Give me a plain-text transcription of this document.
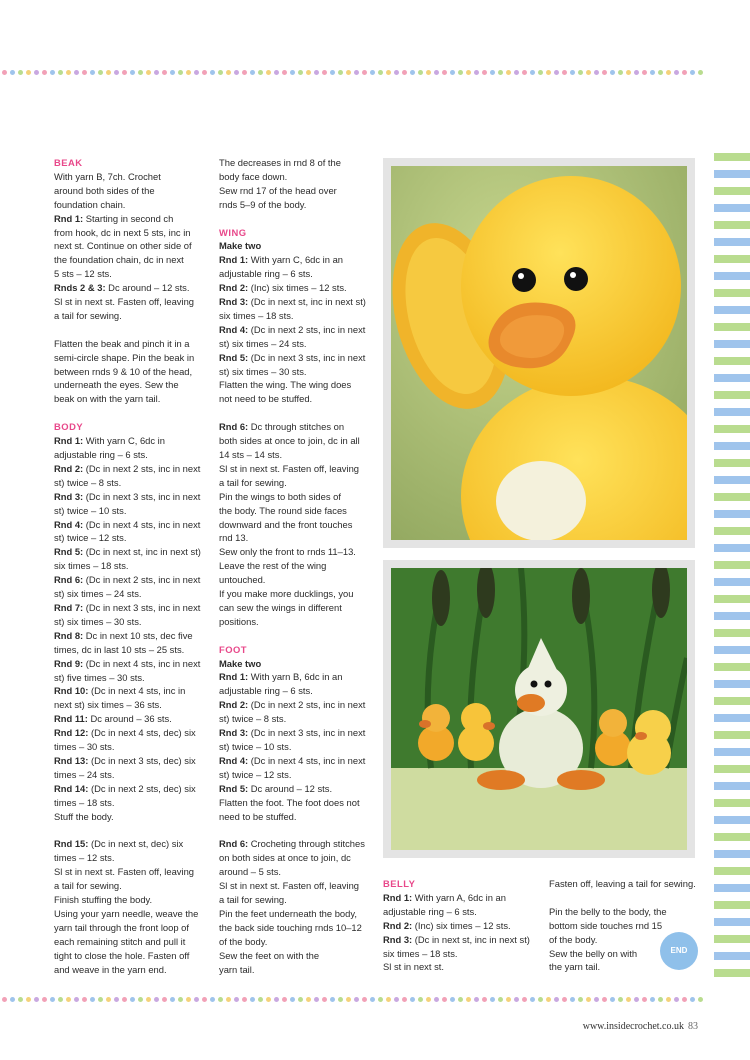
BEAK

With yarn B, 7ch. Crochet

around both sides of the

foundation chain.

Rnd 1: Starting in second ch

from hook, dc in next 5 sts, inc in

next st. Continue on other side of

the foundation chain, dc in next

5 sts – 12 sts.

Rnds 2 & 3: Dc around – 12 sts.

Sl st in next st. Fasten off, leaving

a tail for sewing.

Flatten the beak and pinch it in a

semi-circle shape. Pin the beak in

between rnds 9 & 10 of the head,

underneath the eyes. Sew the

beak on with the yarn tail.

BODY

Rnd 1: With yarn C, 6dc in

adjustable ring – 6 sts.

Rnd 2: (Dc in next 2 sts, inc in next

st) twice – 8 sts.

Rnd 3: (Dc in next 3 sts, inc in next

st) twice – 10 sts.

Rnd 4: (Dc in next 4 sts, inc in next

st) twice – 12 sts.

Rnd 5: (Dc in next st, inc in next st)

six times – 18 sts.

Rnd 6: (Dc in next 2 sts, inc in next

st) six times – 24 sts.

Rnd 7: (Dc in next 3 sts, inc in next

st) six times – 30 sts.

Rnd 8: Dc in next 10 sts, dec five

times, dc in last 10 sts – 25 sts.

Rnd 9: (Dc in next 4 sts, inc in next

st) five times – 30 sts.

Rnd 10: (Dc in next 4 sts, inc in

next st) six times – 36 sts.

Rnd 11: Dc around – 36 sts.

Rnd 12: (Dc in next 4 sts, dec) six

times – 30 sts.

Rnd 13: (Dc in next 3 sts, dec) six

times – 24 sts.

Rnd 14: (Dc in next 2 sts, dec) six

times – 18 sts.

Stuff the body.

Rnd 15: (Dc in next st, dec) six

times – 12 sts.

Sl st in next st. Fasten off, leaving

a tail for sewing.

Finish stuffing the body.

Using your yarn needle, weave the

yarn tail through the front loop of

each remaining stitch and pull it

tight to close the hole. Fasten off

and weave in the yarn end.

The decreases in rnd 8 of the

body face down.

Sew rnd 17 of the head over

rnds 5–9 of the body.

WING

Make two

Rnd 1: With yarn C, 6dc in an

adjustable ring – 6 sts.

Rnd 2: (Inc) six times – 12 sts.

Rnd 3: (Dc in next st, inc in next st)

six times – 18 sts.

Rnd 4: (Dc in next 2 sts, inc in next

st) six times – 24 sts.

Rnd 5: (Dc in next 3 sts, inc in next

st) six times – 30 sts.

Flatten the wing. The wing does

not need to be stuffed.

Rnd 6: Dc through stitches on

both sides at once to join, dc in all

14 sts – 14 sts.

Sl st in next st. Fasten off, leaving

a tail for sewing.

Pin the wings to both sides of

the body. The round side faces

downward and the front touches

rnd 13.

Sew only the front to rnds 11–13.

Leave the rest of the wing

untouched.

If you make more ducklings, you

can sew the wings in different

positions.

FOOT

Make two

Rnd 1: With yarn B, 6dc in an

adjustable ring – 6 sts.

Rnd 2: (Dc in next 2 sts, inc in next

st) twice – 8 sts.

Rnd 3: (Dc in next 3 sts, inc in next

st) twice – 10 sts.

Rnd 4: (Dc in next 4 sts, inc in next

st) twice – 12 sts.

Rnd 5: Dc around – 12 sts.

Flatten the foot. The foot does not

need to be stuffed.

Rnd 6: Crocheting through stitches

on both sides at once to join, dc

around – 5 sts.

Sl st in next st. Fasten off, leaving

a tail for sewing.

Pin the feet underneath the body,

the back side touching rnds 10–12

of the body.

Sew the feet on with the

yarn tail.

BELLY

Rnd 1: With yarn A, 6dc in an

adjustable ring – 6 sts.

Rnd 2: (Inc) six times – 12 sts.

Rnd 3: (Dc in next st, inc in next st)

six times – 18 sts.

Sl st in next st.

Fasten off, leaving a tail for sewing.

Pin the belly to the body, the

bottom side touches rnd 15

of the body.

Sew the belly on with

the yarn tail.

END
www.insidecrochet.co.uk 83
